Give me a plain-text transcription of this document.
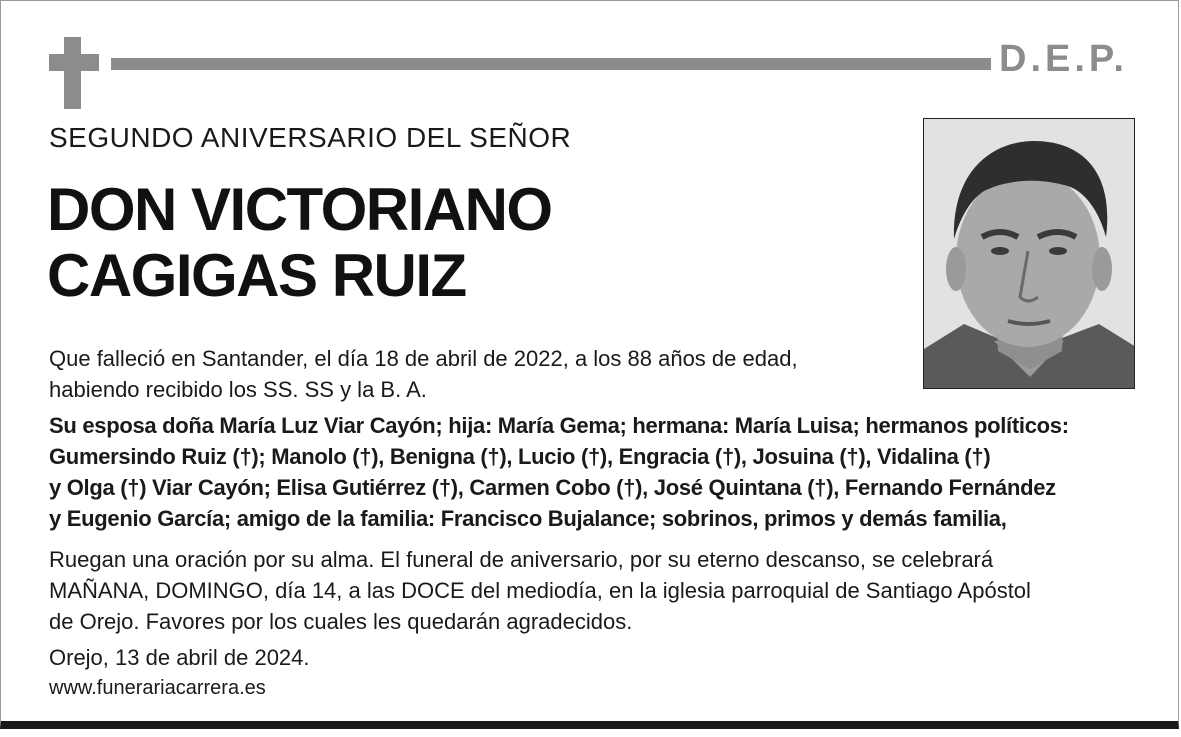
D.E.P.
SEGUNDO ANIVERSARIO DEL SEÑOR
DON VICTORIANO
CAGIGAS RUIZ
Que falleció en Santander, el día 18 de abril de 2022, a los 88 años de edad,
habiendo recibido los SS. SS y la B. A.
Su esposa doña María Luz Viar Cayón; hija: María Gema; hermana: María Luisa; hermanos políticos:
Gumersindo Ruiz (†); Manolo (†), Benigna (†), Lucio (†), Engracia (†), Josuina (†), Vidalina (†)
y Olga (†) Viar Cayón; Elisa Gutiérrez (†), Carmen Cobo (†), José Quintana (†), Fernando Fernández
y Eugenio García; amigo de la familia: Francisco Bujalance; sobrinos, primos y demás familia,
Ruegan una oración por su alma. El funeral de aniversario, por su eterno descanso, se celebrará
MAÑANA, DOMINGO, día 14, a las DOCE del mediodía, en la iglesia parroquial de Santiago Apóstol
de Orejo. Favores por los cuales les quedarán agradecidos.
Orejo, 13 de abril de 2024.
www.funerariacarrera.es
